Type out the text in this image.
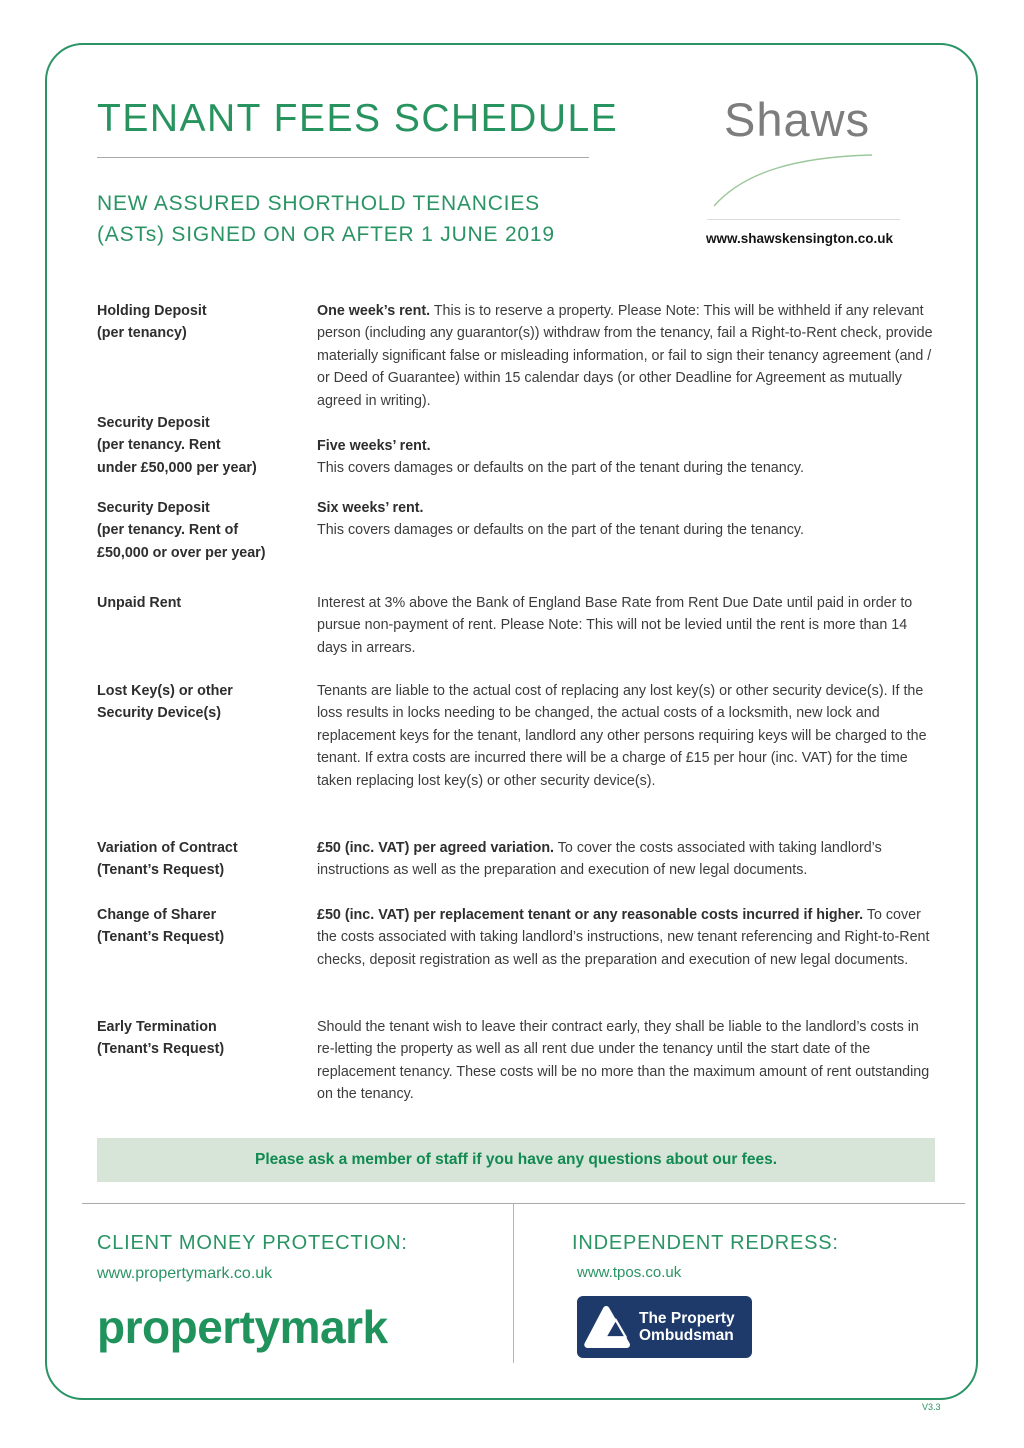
TENANT FEES SCHEDULE
NEW ASSURED SHORTHOLD TENANCIES
(ASTs) SIGNED ON OR AFTER 1 JUNE 2019
Shaws
www.shawskensington.co.uk
Holding Deposit
(per tenancy)
One week’s rent. This is to reserve a property. Please Note: This will be withheld if any relevant person (including any guarantor(s)) withdraw from the tenancy, fail a Right-to-Rent check, provide materially significant false or misleading information, or fail to sign their tenancy agreement (and / or Deed of Guarantee) within 15 calendar days (or other Deadline for Agreement as mutually agreed in writing).
Security Deposit
(per tenancy. Rent
under £50,000 per year)
Five weeks’ rent.
This covers damages or defaults on the part of the tenant during the tenancy.
Security Deposit
(per tenancy. Rent of
£50,000 or over per year)
Six weeks’ rent.
This covers damages or defaults on the part of the tenant during the tenancy.
Unpaid Rent	Interest at 3% above the Bank of England Base Rate from Rent Due Date until paid in order to pursue non-payment of rent. Please Note: This will not be levied until the rent is more than 14 days in arrears.
Lost Key(s) or other
Security Device(s)
Tenants are liable to the actual cost of replacing any lost key(s) or other security device(s). If the loss results in locks needing to be changed, the actual costs of a locksmith, new lock and replacement keys for the tenant, landlord any other persons requiring keys will be charged to the tenant. If extra costs are incurred there will be a charge of £15 per hour (inc. VAT) for the time taken replacing lost key(s) or other security device(s).
Variation of Contract
(Tenant’s Request)
£50 (inc. VAT) per agreed variation. To cover the costs associated with taking landlord’s instructions as well as the preparation and execution of new legal documents.
Change of Sharer
(Tenant’s Request)
£50 (inc. VAT) per replacement tenant or any reasonable costs incurred if higher. To cover the costs associated with taking landlord’s instructions, new tenant referencing and Right-to-Rent checks, deposit registration as well as the preparation and execution of new legal documents.
Early Termination
(Tenant’s Request)
Should the tenant wish to leave their contract early, they shall be liable to the landlord’s costs in re-letting the property as well as all rent due under the tenancy until the start date of the replacement tenancy. These costs will be no more than the maximum amount of rent outstanding on the tenancy.
Please ask a member of staff if you have any questions about our fees.
CLIENT MONEY PROTECTION:
www.propertymark.co.uk
propertymark
INDEPENDENT REDRESS:
www.tpos.co.uk
The Property
Ombudsman
V3.3
